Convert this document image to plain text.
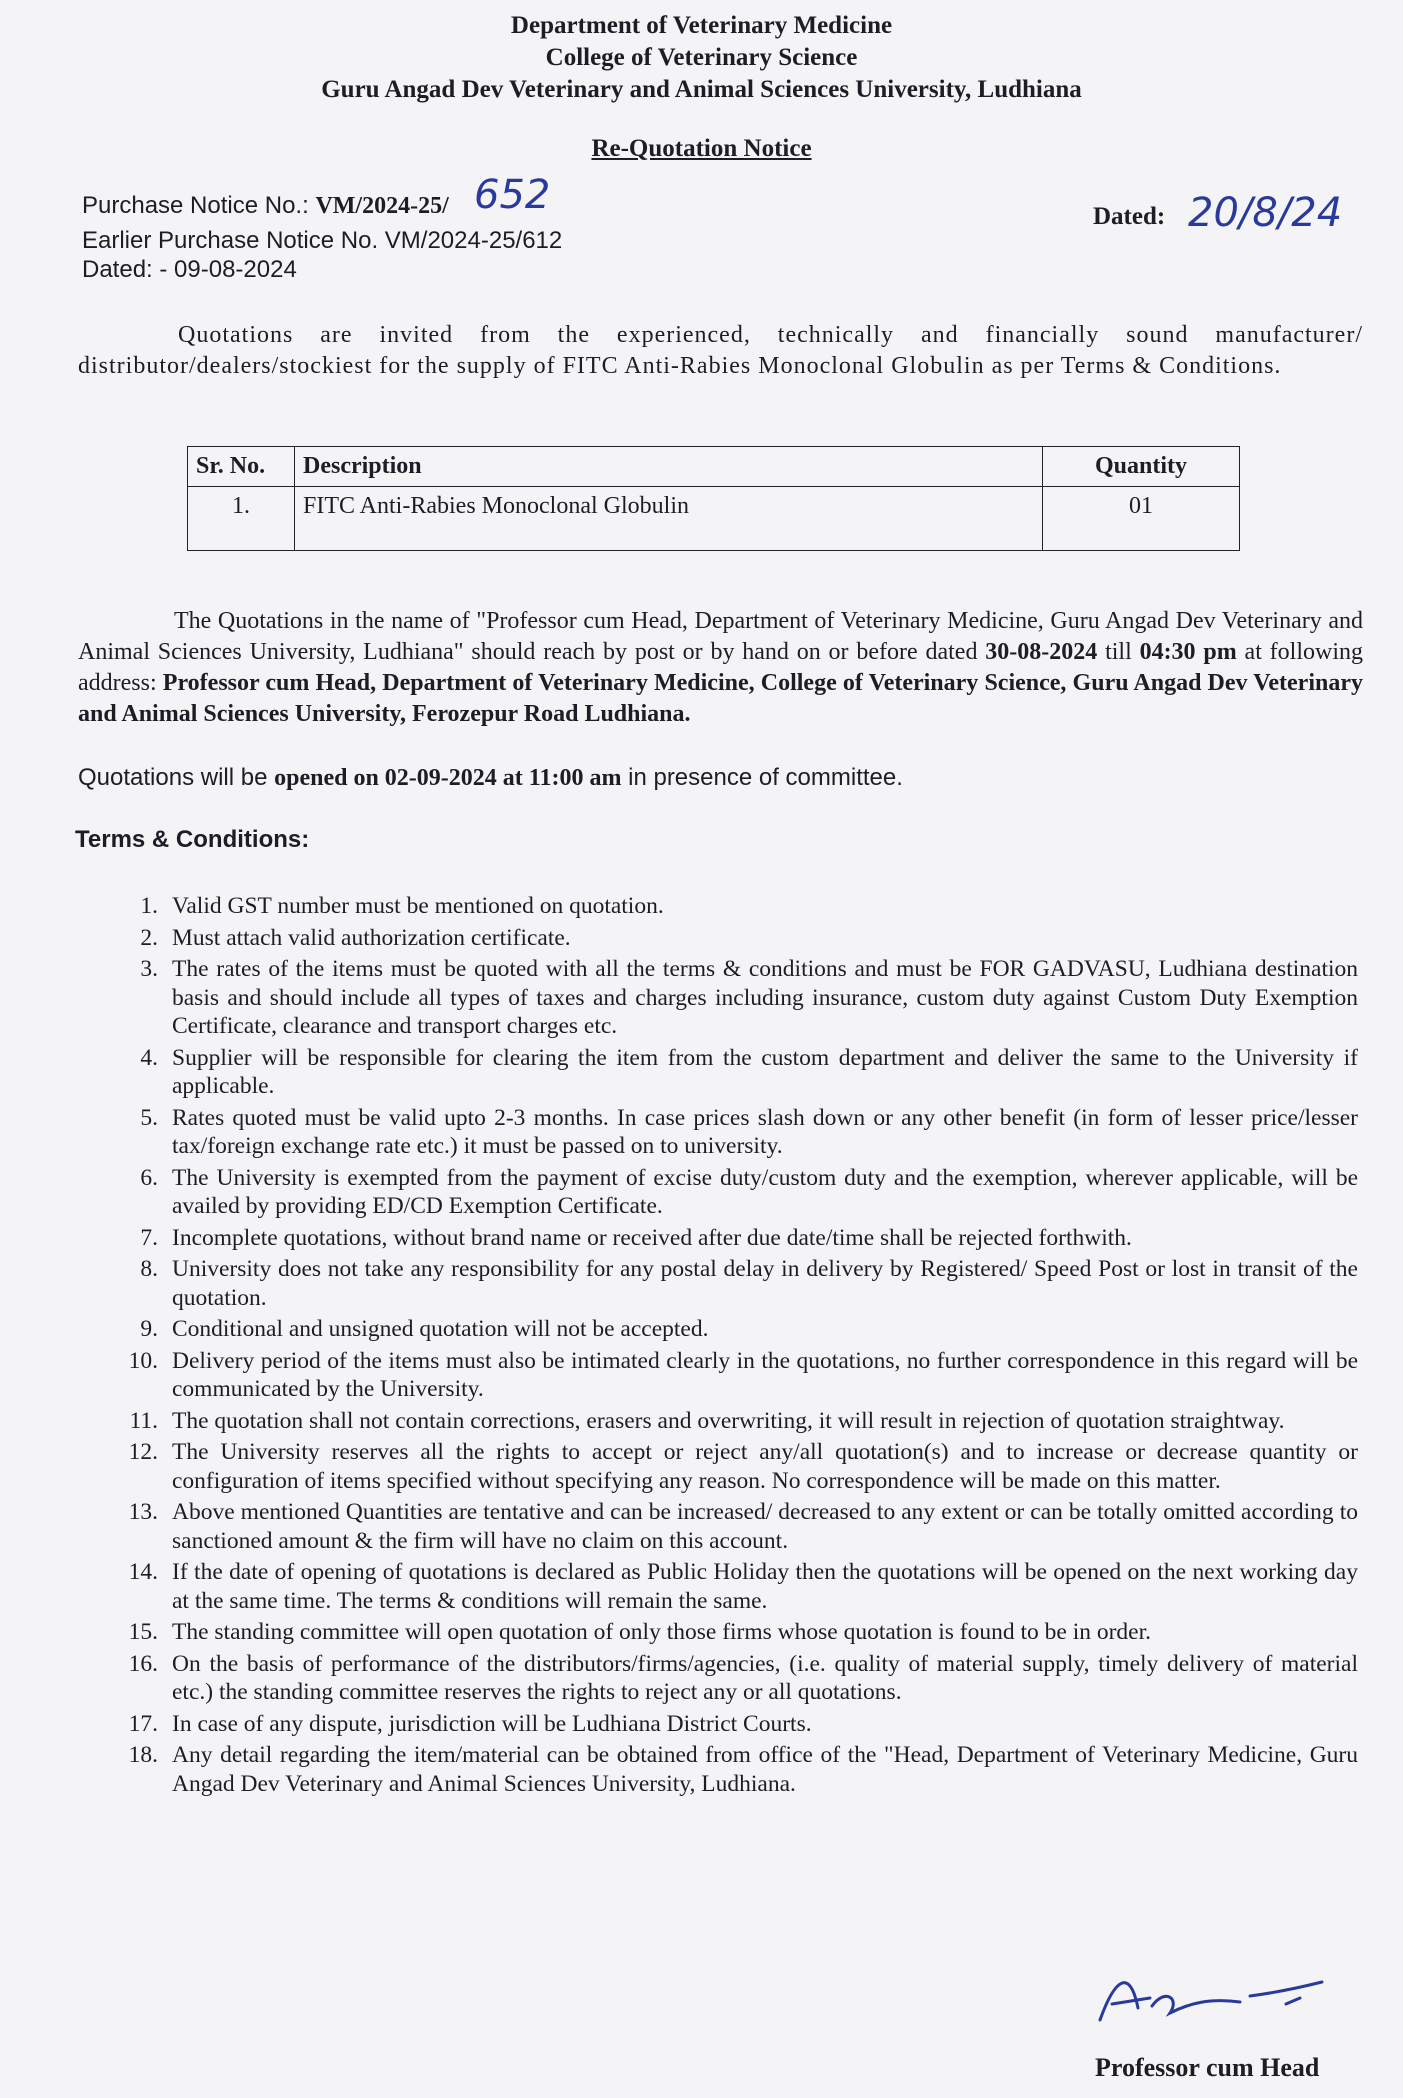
Department of Veterinary Medicine
College of Veterinary Science
Guru Angad Dev Veterinary and Animal Sciences University, Ludhiana
Re-Quotation Notice
Purchase Notice No.: VM/2024-25/ 652
Earlier Purchase Notice No. VM/2024-25/612
Dated: - 09-08-2024
Dated: 20/8/24
Quotations are invited from the experienced, technically and financially sound manufacturer/ distributor/dealers/stockiest for the supply of FITC Anti-Rabies Monoclonal Globulin as per Terms & Conditions.
Sr. No.	Description	Quantity
1.	FITC Anti-Rabies Monoclonal Globulin	01
The Quotations in the name of "Professor cum Head, Department of Veterinary Medicine, Guru Angad Dev Veterinary and Animal Sciences University, Ludhiana" should reach by post or by hand on or before dated 30-08-2024 till 04:30 pm at following address: Professor cum Head, Department of Veterinary Medicine, College of Veterinary Science, Guru Angad Dev Veterinary and Animal Sciences University, Ferozepur Road Ludhiana.
Quotations will be opened on 02-09-2024 at 11:00 am in presence of committee.
Terms & Conditions:
1. Valid GST number must be mentioned on quotation.
2. Must attach valid authorization certificate.
3. The rates of the items must be quoted with all the terms & conditions and must be FOR GADVASU, Ludhiana destination basis and should include all types of taxes and charges including insurance, custom duty against Custom Duty Exemption Certificate, clearance and transport charges etc.
4. Supplier will be responsible for clearing the item from the custom department and deliver the same to the University if applicable.
5. Rates quoted must be valid upto 2-3 months. In case prices slash down or any other benefit (in form of lesser price/lesser tax/foreign exchange rate etc.) it must be passed on to university.
6. The University is exempted from the payment of excise duty/custom duty and the exemption, wherever applicable, will be availed by providing ED/CD Exemption Certificate.
7. Incomplete quotations, without brand name or received after due date/time shall be rejected forthwith.
8. University does not take any responsibility for any postal delay in delivery by Registered/ Speed Post or lost in transit of the quotation.
9. Conditional and unsigned quotation will not be accepted.
10. Delivery period of the items must also be intimated clearly in the quotations, no further correspondence in this regard will be communicated by the University.
11. The quotation shall not contain corrections, erasers and overwriting, it will result in rejection of quotation straightway.
12. The University reserves all the rights to accept or reject any/all quotation(s) and to increase or decrease quantity or configuration of items specified without specifying any reason. No correspondence will be made on this matter.
13. Above mentioned Quantities are tentative and can be increased/ decreased to any extent or can be totally omitted according to sanctioned amount & the firm will have no claim on this account.
14. If the date of opening of quotations is declared as Public Holiday then the quotations will be opened on the next working day at the same time. The terms & conditions will remain the same.
15. The standing committee will open quotation of only those firms whose quotation is found to be in order.
16. On the basis of performance of the distributors/firms/agencies, (i.e. quality of material supply, timely delivery of material etc.) the standing committee reserves the rights to reject any or all quotations.
17. In case of any dispute, jurisdiction will be Ludhiana District Courts.
18. Any detail regarding the item/material can be obtained from office of the "Head, Department of Veterinary Medicine, Guru Angad Dev Veterinary and Animal Sciences University, Ludhiana.
Professor cum Head
